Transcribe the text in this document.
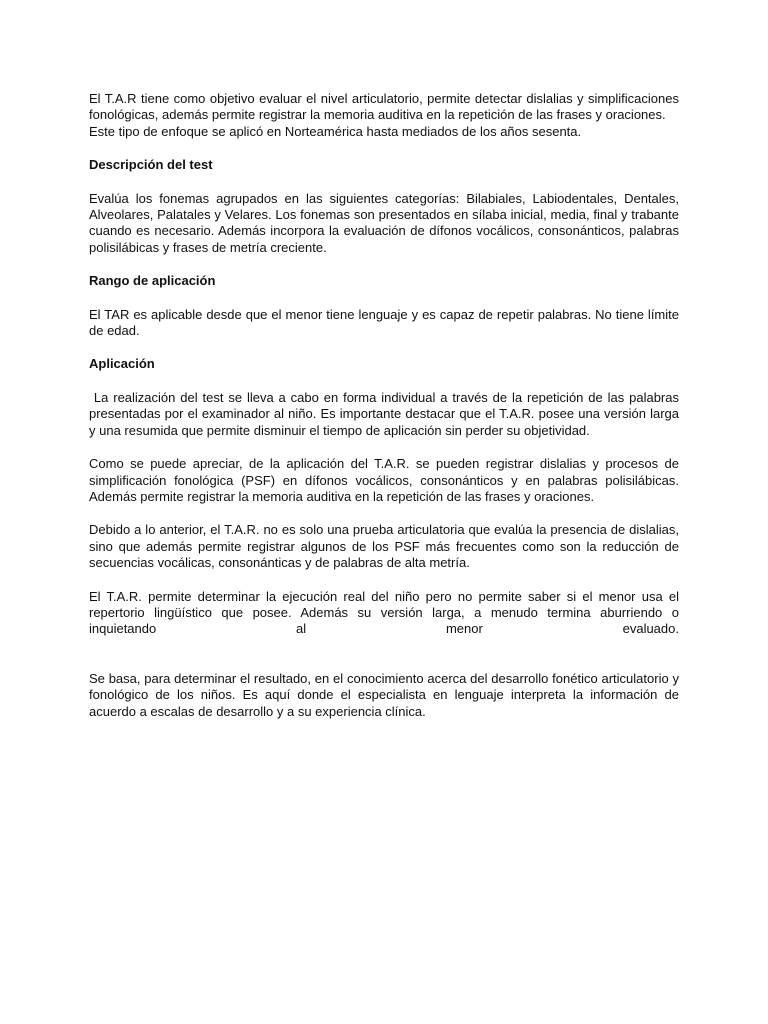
El T.A.R tiene como objetivo evaluar el nivel articulatorio, permite detectar dislalias y simplificaciones fonológicas, además permite registrar la memoria auditiva en la repetición de las frases y oraciones.

Este tipo de enfoque se aplicó en Norteamérica hasta mediados de los años sesenta.

Descripción del test

Evalúa los fonemas agrupados en las siguientes categorías: Bilabiales, Labiodentales, Dentales, Alveolares, Palatales y Velares. Los fonemas son presentados en sílaba inicial, media, final y trabante cuando es necesario. Además incorpora la evaluación de dífonos vocálicos, consonánticos, palabras polisilábicas y frases de metría creciente.

Rango de aplicación

El TAR es aplicable desde que el menor tiene lenguaje y es capaz de repetir palabras. No tiene límite de edad.

Aplicación

La realización del test se lleva a cabo en forma individual a través de la repetición de las palabras presentadas por el examinador al niño. Es importante destacar que el T.A.R. posee una versión larga y una resumida que permite disminuir el tiempo de aplicación sin perder su objetividad.

Como se puede apreciar, de la aplicación del T.A.R. se pueden registrar dislalias y procesos de simplificación fonológica (PSF) en dífonos vocálicos, consonánticos y en palabras polisilábicas. Además permite registrar la memoria auditiva en la repetición de las frases y oraciones.

Debido a lo anterior, el T.A.R. no es solo una prueba articulatoria que evalúa la presencia de dislalias, sino que además permite registrar algunos de los PSF más frecuentes como son la reducción de secuencias vocálicas, consonánticas y de palabras de alta metría.

El T.A.R. permite determinar la ejecución real del niño pero no permite saber si el menor usa el repertorio lingüístico que posee. Además su versión larga, a menudo termina aburriendo o inquietando al menor evaluado.

Se basa, para determinar el resultado, en el conocimiento acerca del desarrollo fonético articulatorio y fonológico de los niños. Es aquí donde el especialista en lenguaje interpreta la información de acuerdo a escalas de desarrollo y a su experiencia clínica.
